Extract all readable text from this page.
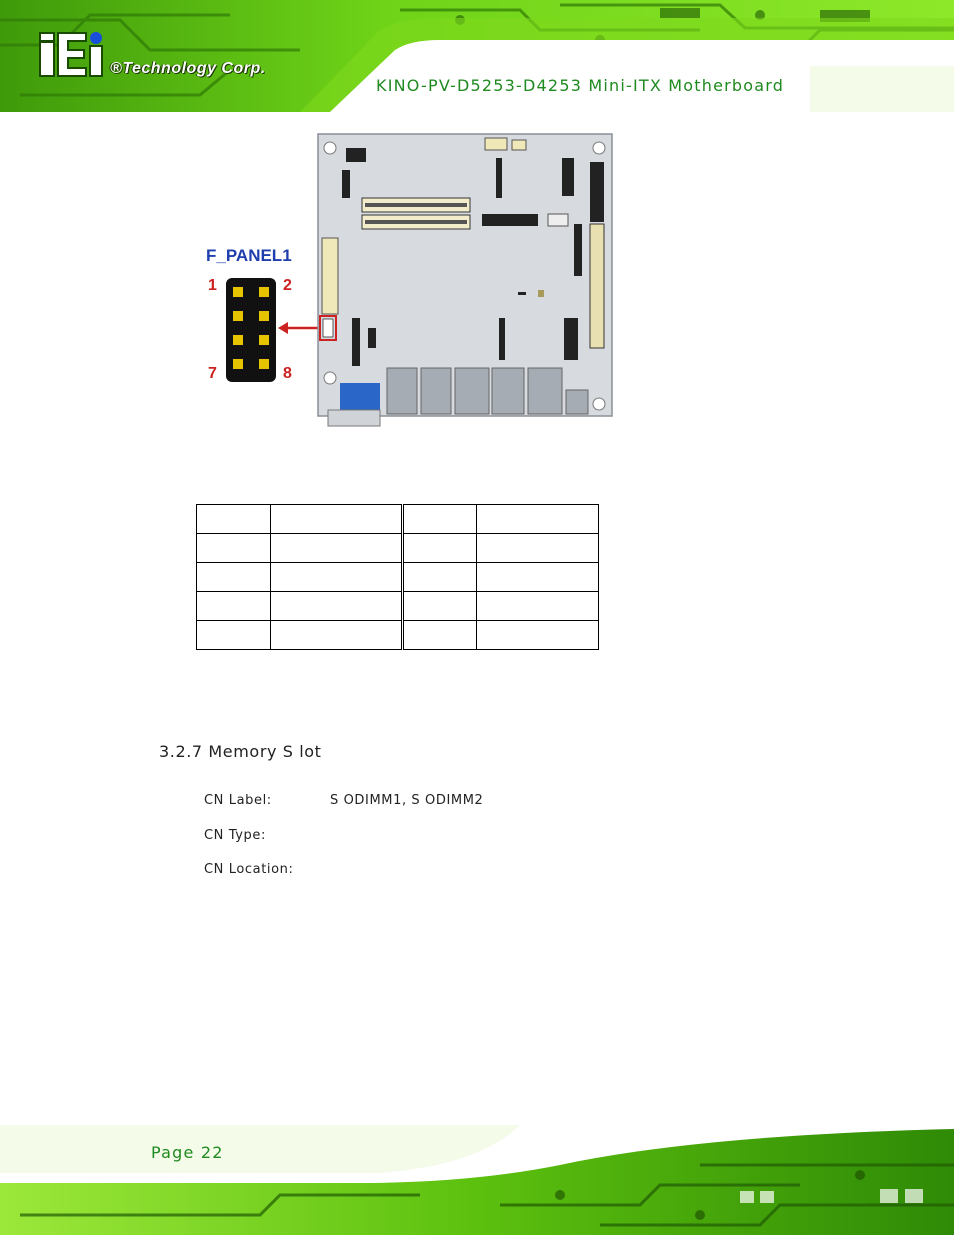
®Technology Corp.
KINO-PV-D5253-D4253 Mini-ITX Motherboard
F_PANEL1
1	2
7	8

3.2.7 Memory S lot
CN Label:	S ODIMM1, S ODIMM2
CN Type:
CN Location:
Page 22
